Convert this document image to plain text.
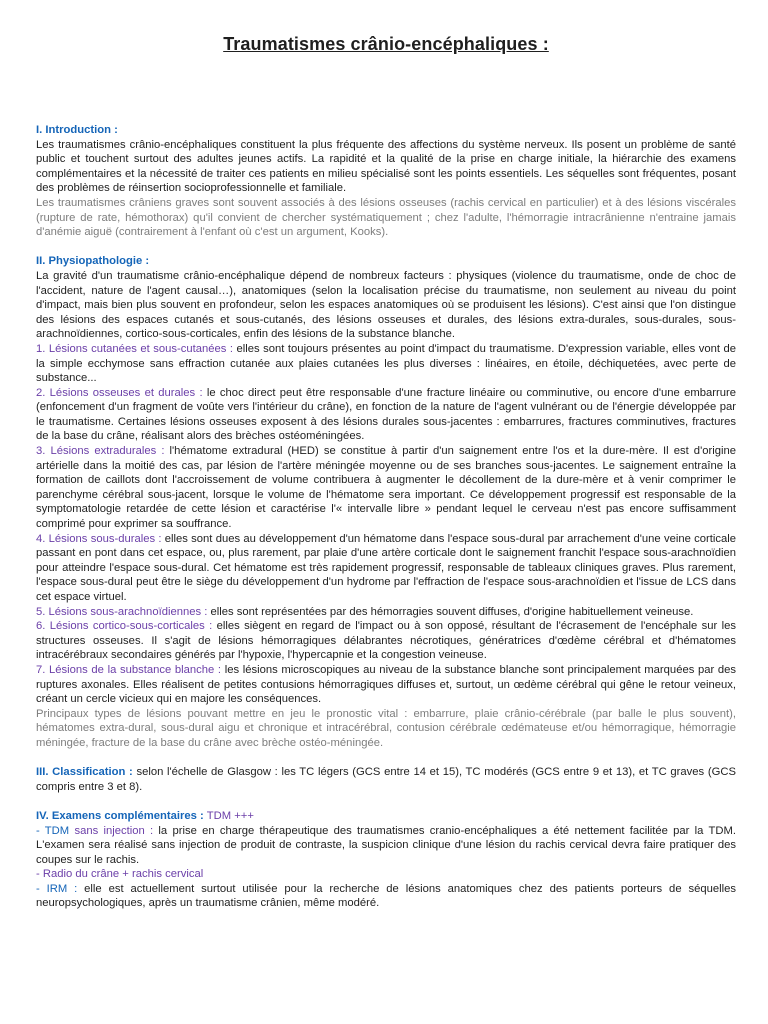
Traumatismes crânio-encéphaliques :

I. Introduction :

Les traumatismes crânio-encéphaliques constituent la plus fréquente des affections du système nerveux. Ils posent un problème de santé public et touchent surtout des adultes jeunes actifs. La rapidité et la qualité de la prise en charge initiale, la hiérarchie des examens complémentaires et la nécessité de traiter ces patients en milieu spécialisé sont les points essentiels. Les séquelles sont fréquentes, posant des problèmes de réinsertion socioprofessionnelle et familiale.

Les traumatismes crâniens graves sont souvent associés à des lésions osseuses (rachis cervical en particulier) et à des lésions viscérales (rupture de rate, hémothorax) qu'il convient de chercher systématiquement ; chez l'adulte, l'hémorragie intracrânienne n'entraine jamais d'anémie aiguë (contrairement à l'enfant où c'est un argument, Kooks).

II. Physiopathologie :

La gravité d'un traumatisme crânio-encéphalique dépend de nombreux facteurs : physiques (violence du traumatisme, onde de choc de l'accident, nature de l'agent causal…), anatomiques (selon la localisation précise du traumatisme, non seulement au niveau du point d'impact, mais bien plus souvent en profondeur, selon les espaces anatomiques où se produisent les lésions). C'est ainsi que l'on distingue des lésions des espaces cutanés et sous-cutanés, des lésions osseuses et durales, des lésions extra-durales, sous-durales, sous-arachnoïdiennes, cortico-sous-corticales, enfin des lésions de la substance blanche.

1. Lésions cutanées et sous-cutanées : elles sont toujours présentes au point d'impact du traumatisme. D'expression variable, elles vont de la simple ecchymose sans effraction cutanée aux plaies cutanées les plus diverses : linéaires, en étoile, déchiquetées, avec perte de substance...

2. Lésions osseuses et durales : le choc direct peut être responsable d'une fracture linéaire ou comminutive, ou encore d'une embarrure (enfoncement d'un fragment de voûte vers l'intérieur du crâne), en fonction de la nature de l'agent vulnérant ou de l'énergie développée par le traumatisme. Certaines lésions osseuses exposent à des lésions durales sous-jacentes : embarrures, fractures comminutives, fractures de la base du crâne, réalisant alors des brèches ostéoméningées.

3. Lésions extradurales : l'hématome extradural (HED) se constitue à partir d'un saignement entre l'os et la dure-mère. Il est d'origine artérielle dans la moitié des cas, par lésion de l'artère méningée moyenne ou de ses branches sous-jacentes. Le saignement entraîne la formation de caillots dont l'accroissement de volume contribuera à augmenter le décollement de la dure-mère et à venir comprimer le parenchyme cérébral sous-jacent, lorsque le volume de l'hématome sera important. Ce développement progressif est responsable de la symptomatologie retardée de cette lésion et caractérise l'« intervalle libre » pendant lequel le cerveau n'est pas encore suffisamment comprimé pour exprimer sa souffrance.

4. Lésions sous-durales : elles sont dues au développement d'un hématome dans l'espace sous-dural par arrachement d'une veine corticale passant en pont dans cet espace, ou, plus rarement, par plaie d'une artère corticale dont le saignement franchit l'espace sous-arachnoïdien pour atteindre l'espace sous-dural. Cet hématome est très rapidement progressif, responsable de tableaux cliniques graves. Plus rarement, l'espace sous-dural peut être le siège du développement d'un hydrome par l'effraction de l'espace sous-arachnoïdien et l'issue de LCS dans cet espace virtuel.

5. Lésions sous-arachnoïdiennes : elles sont représentées par des hémorragies souvent diffuses, d'origine habituellement veineuse.

6. Lésions cortico-sous-corticales : elles siègent en regard de l'impact ou à son opposé, résultant de l'écrasement de l'encéphale sur les structures osseuses. Il s'agit de lésions hémorragiques délabrantes nécrotiques, génératrices d'œdème cérébral et d'hématomes intracérébraux secondaires générés par l'hypoxie, l'hypercapnie et la congestion veineuse.

7. Lésions de la substance blanche : les lésions microscopiques au niveau de la substance blanche sont principalement marquées par des ruptures axonales. Elles réalisent de petites contusions hémorragiques diffuses et, surtout, un œdème cérébral qui gêne le retour veineux, créant un cercle vicieux qui en majore les conséquences.

Principaux types de lésions pouvant mettre en jeu le pronostic vital : embarrure, plaie crânio-cérébrale (par balle le plus souvent), hématomes extra-dural, sous-dural aigu et chronique et intracérébral, contusion cérébrale œdémateuse et/ou hémorragique, hémorragie méningée, fracture de la base du crâne avec brèche ostéo-méningée.

III. Classification : selon l'échelle de Glasgow : les TC légers (GCS entre 14 et 15), TC modérés (GCS entre 9 et 13), et TC graves (GCS compris entre 3 et 8).

IV. Examens complémentaires : TDM +++

- TDM sans injection : la prise en charge thérapeutique des traumatismes cranio-encéphaliques a été nettement facilitée par la TDM. L'examen sera réalisé sans injection de produit de contraste, la suspicion clinique d'une lésion du rachis cervical devra faire pratiquer des coupes sur le rachis.

- Radio du crâne + rachis cervical

- IRM : elle est actuellement surtout utilisée pour la recherche de lésions anatomiques chez des patients porteurs de séquelles neuropsychologiques, après un traumatisme crânien, même modéré.
